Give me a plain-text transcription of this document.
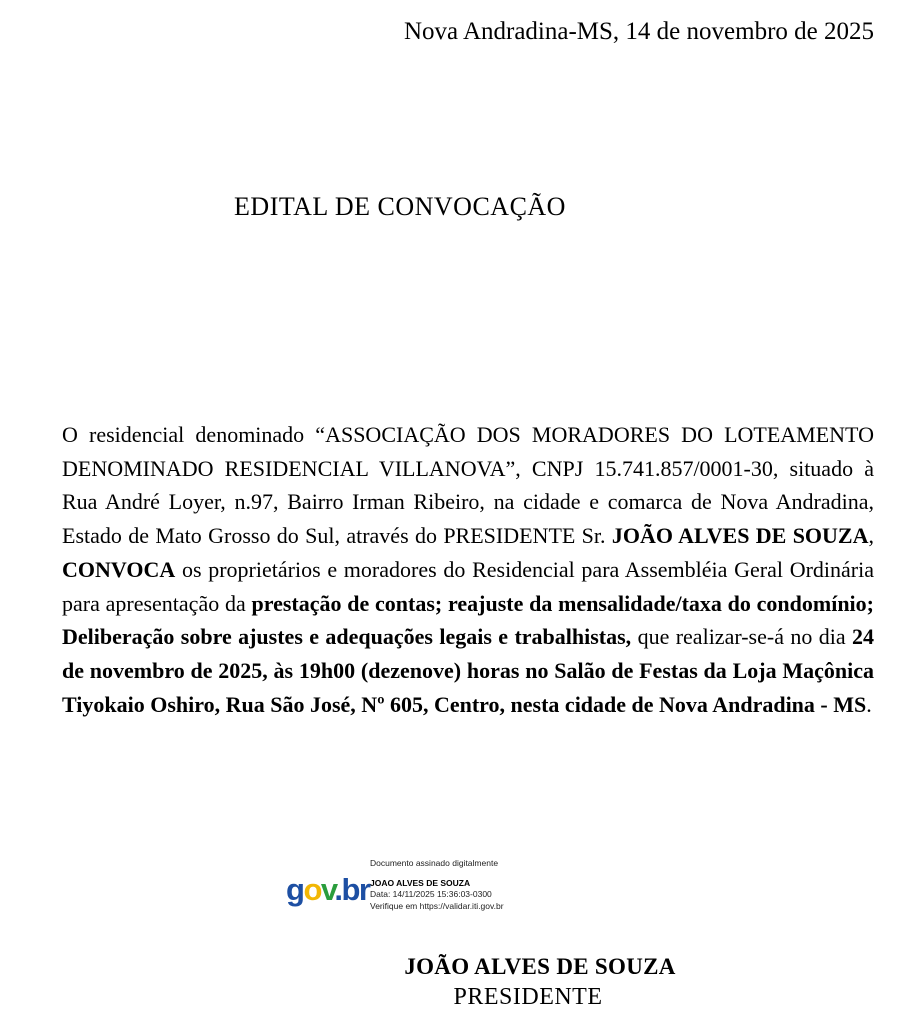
Nova Andradina-MS, 14 de novembro de 2025
EDITAL DE CONVOCAÇÃO
O residencial denominado “ASSOCIAÇÃO DOS MORADORES DO LOTEAMENTO DENOMINADO RESIDENCIAL VILLANOVA”, CNPJ 15.741.857/0001-30, situado à Rua André Loyer, n.97, Bairro Irman Ribeiro, na cidade e comarca de Nova Andradina, Estado de Mato Grosso do Sul, através do PRESIDENTE Sr. JOÃO ALVES DE SOUZA, CONVOCA os proprietários e moradores do Residencial para Assembléia Geral Ordinária para apresentação da prestação de contas; reajuste da mensalidade/taxa do condomínio; Deliberação sobre ajustes e adequações legais e trabalhistas, que realizar-se-á no dia 24 de novembro de 2025, às 19h00 (dezenove) horas no Salão de Festas da Loja Maçônica Tiyokaio Oshiro, Rua São José, Nº 605, Centro, nesta cidade de Nova Andradina - MS.
gov.br
Documento assinado digitalmente
JOAO ALVES DE SOUZA
Data: 14/11/2025 15:36:03-0300
Verifique em https://validar.iti.gov.br
JOÃO ALVES DE SOUZA
PRESIDENTE
